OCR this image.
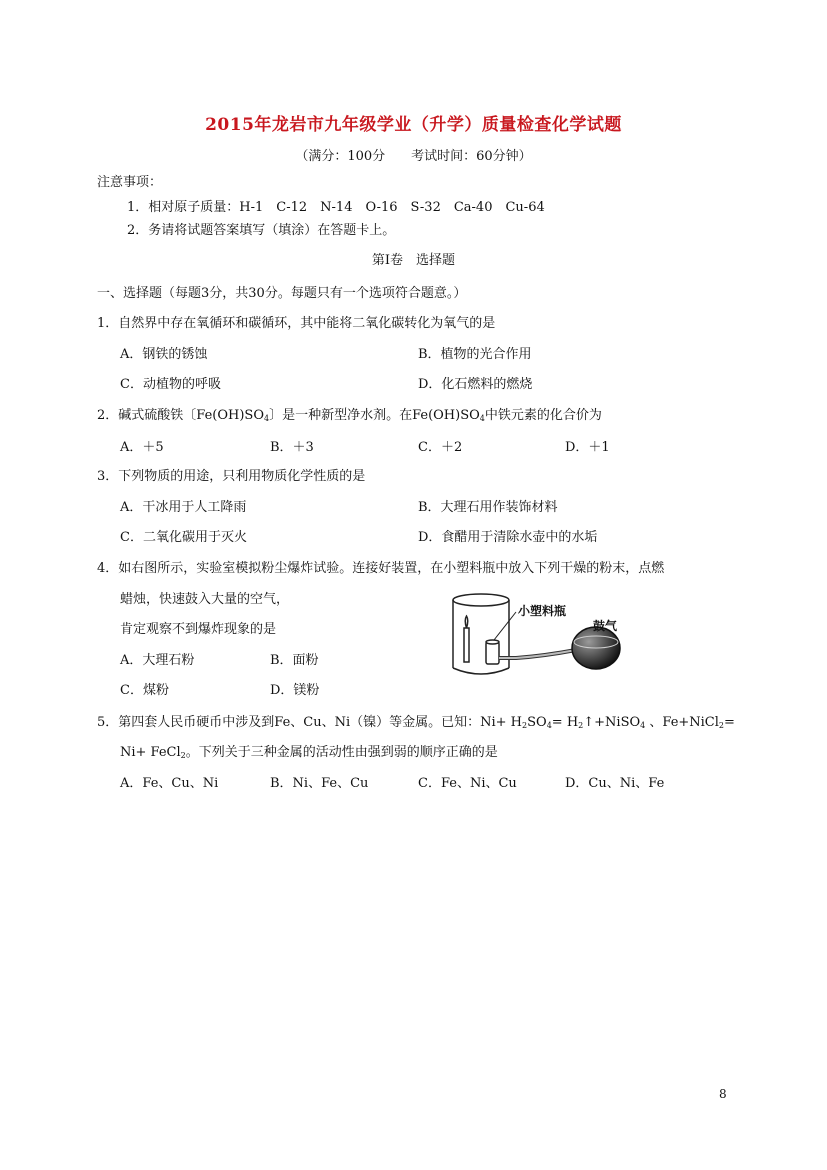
2015年龙岩市九年级学业（升学）质量检查化学试题
（满分：100分　　考试时间：60分钟）
注意事项：
1．相对原子质量：H-1　C-12　N-14　O-16　S-32　Ca-40　Cu-64
2．务请将试题答案填写（填涂）在答题卡上。
第Ⅰ卷　选择题
一、选择题（每题3分，共30分。每题只有一个选项符合题意。）
1．自然界中存在氧循环和碳循环，其中能将二氧化碳转化为氧气的是
A．钢铁的锈蚀	B．植物的光合作用
C．动植物的呼吸	D．化石燃料的燃烧
2．碱式硫酸铁〔$Fe(OH)SO_4$〕是一种新型净水剂。在$Fe(OH)SO_4$中铁元素的化合价为
A．＋5	B．＋3	C．＋2	D．＋1
3．下列物质的用途，只利用物质化学性质的是
A．干冰用于人工降雨	B．大理石用作装饰材料
C．二氧化碳用于灭火	D．食醋用于清除水壶中的水垢
4．如右图所示，实验室模拟粉尘爆炸试验。连接好装置，在小塑料瓶中放入下列干燥的粉末，点燃
蜡烛，快速鼓入大量的空气，
肯定观察不到爆炸现象的是
A．大理石粉	B．面粉
C．煤粉	D．镁粉
小塑料瓶
鼓气
5．第四套人民币硬币中涉及到Fe、Cu、Ni（镍）等金属。已知：$Ni+ H_2SO_4=$ $H_2↑+NiSO_4$ 、Fe+NiCl$_2$=
Ni+ FeCl$_2$。下列关于三种金属的活动性由强到弱的顺序正确的是
A．Fe、Cu、Ni	B．Ni、Fe、Cu	C．Fe、Ni、Cu	D．Cu、Ni、Fe
8
